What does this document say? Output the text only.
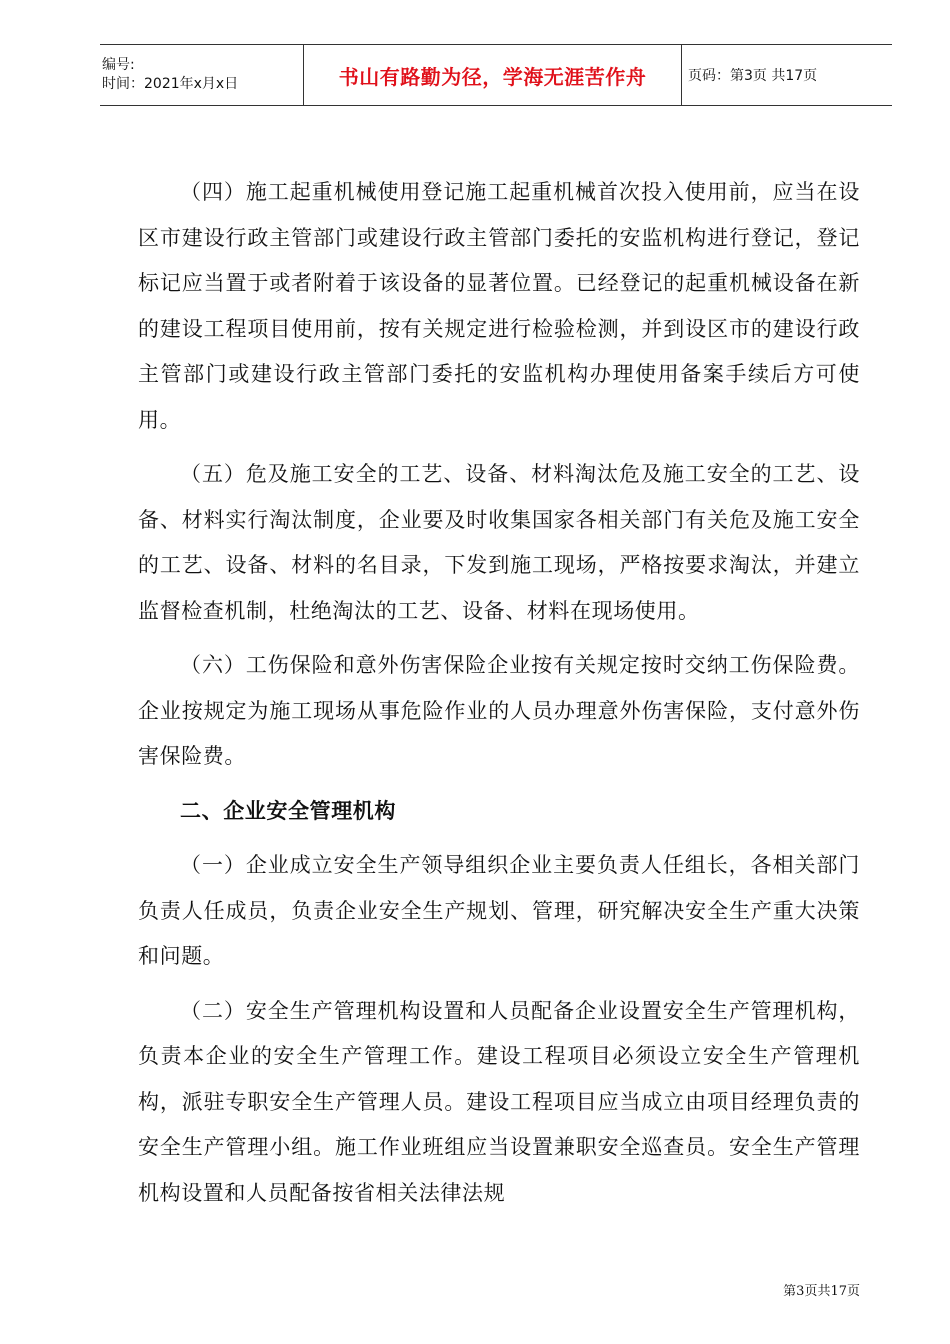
编号:
时间：2021年x月x日	书山有路勤为径，学海无涯苦作舟	页码：第3页 共17页

（四）施工起重机械使用登记施工起重机械首次投入使用前，应当在设区市建设行政主管部门或建设行政主管部门委托的安监机构进行登记，登记标记应当置于或者附着于该设备的显著位置。已经登记的起重机械设备在新的建设工程项目使用前，按有关规定进行检验检测，并到设区市的建设行政主管部门或建设行政主管部门委托的安监机构办理使用备案手续后方可使用。

（五）危及施工安全的工艺、设备、材料淘汰危及施工安全的工艺、设备、材料实行淘汰制度，企业要及时收集国家各相关部门有关危及施工安全的工艺、设备、材料的名目录，下发到施工现场，严格按要求淘汰，并建立监督检查机制，杜绝淘汰的工艺、设备、材料在现场使用。

（六）工伤保险和意外伤害保险企业按有关规定按时交纳工伤保险费。企业按规定为施工现场从事危险作业的人员办理意外伤害保险，支付意外伤害保险费。

二、企业安全管理机构

（一）企业成立安全生产领导组织企业主要负责人任组长，各相关部门负责人任成员，负责企业安全生产规划、管理，研究解决安全生产重大决策和问题。

（二）安全生产管理机构设置和人员配备企业设置安全生产管理机构，负责本企业的安全生产管理工作。建设工程项目必须设立安全生产管理机构，派驻专职安全生产管理人员。建设工程项目应当成立由项目经理负责的安全生产管理小组。施工作业班组应当设置兼职安全巡查员。安全生产管理机构设置和人员配备按省相关法律法规

第3页共17页
